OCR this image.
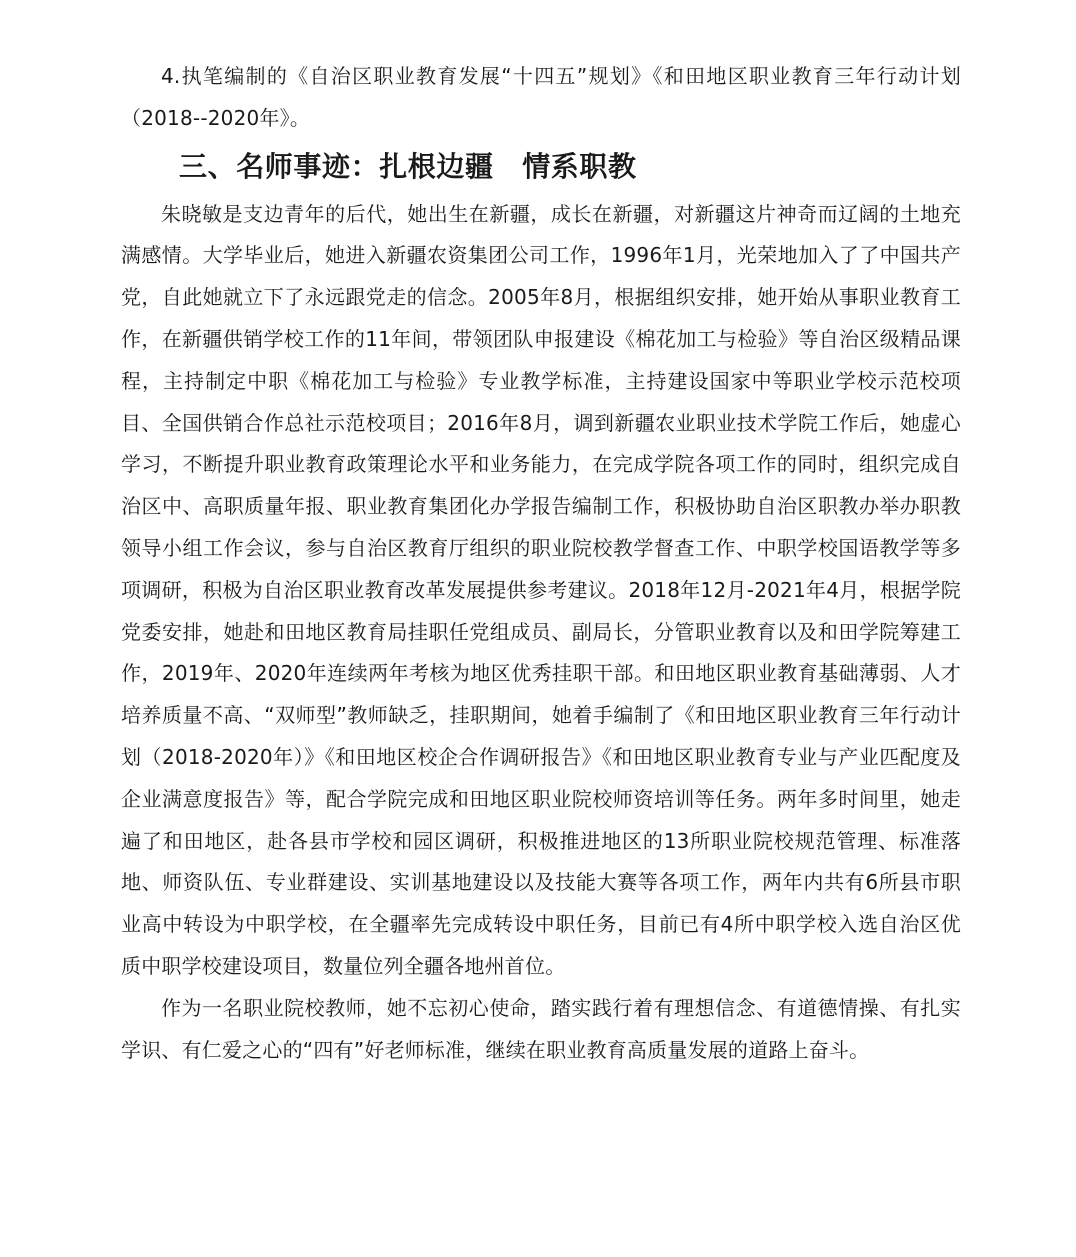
4.执笔编制的《自治区职业教育发展“十四五”规划》《和田地区职业教育三年行动计划（2018--2020年》。

三、名师事迹：扎根边疆　情系职教

朱晓敏是支边青年的后代，她出生在新疆，成长在新疆，对新疆这片神奇而辽阔的土地充满感情。大学毕业后，她进入新疆农资集团公司工作，1996年1月，光荣地加入了了中国共产党，自此她就立下了永远跟党走的信念。2005年8月，根据组织安排，她开始从事职业教育工作，在新疆供销学校工作的11年间，带领团队申报建设《棉花加工与检验》等自治区级精品课程，主持制定中职《棉花加工与检验》专业教学标准，主持建设国家中等职业学校示范校项目、全国供销合作总社示范校项目；2016年8月，调到新疆农业职业技术学院工作后，她虚心学习，不断提升职业教育政策理论水平和业务能力，在完成学院各项工作的同时，组织完成自治区中、高职质量年报、职业教育集团化办学报告编制工作，积极协助自治区职教办举办职教领导小组工作会议，参与自治区教育厅组织的职业院校教学督查工作、中职学校国语教学等多项调研，积极为自治区职业教育改革发展提供参考建议。2018年12月-2021年4月，根据学院党委安排，她赴和田地区教育局挂职任党组成员、副局长，分管职业教育以及和田学院筹建工作，2019年、2020年连续两年考核为地区优秀挂职干部。和田地区职业教育基础薄弱、人才培养质量不高、“双师型”教师缺乏，挂职期间，她着手编制了《和田地区职业教育三年行动计划（2018-2020年）》《和田地区校企合作调研报告》《和田地区职业教育专业与产业匹配度及企业满意度报告》等，配合学院完成和田地区职业院校师资培训等任务。两年多时间里，她走遍了和田地区，赴各县市学校和园区调研，积极推进地区的13所职业院校规范管理、标准落地、师资队伍、专业群建设、实训基地建设以及技能大赛等各项工作，两年内共有6所县市职业高中转设为中职学校，在全疆率先完成转设中职任务，目前已有4所中职学校入选自治区优质中职学校建设项目，数量位列全疆各地州首位。

作为一名职业院校教师，她不忘初心使命，踏实践行着有理想信念、有道德情操、有扎实学识、有仁爱之心的“四有”好老师标准，继续在职业教育高质量发展的道路上奋斗。
